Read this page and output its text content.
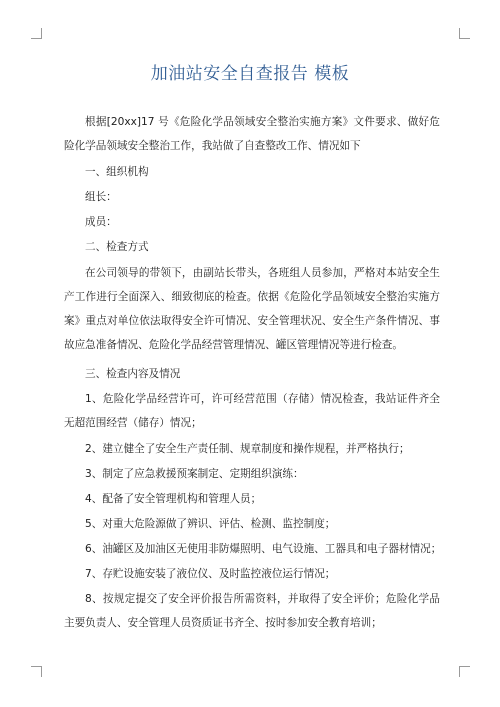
加油站安全自查报告 模板

根据[20xx]17 号《危险化学品领域安全整治实施方案》文件要求、做好危险化学品领域安全整治工作，我站做了自查整改工作、情况如下

一、组织机构

组长：

成员：

二、检查方式

在公司领导的带领下，由副站长带头，各班组人员参加，严格对本站安全生产工作进行全面深入、细致彻底的检查。依据《危险化学品领域安全整治实施方案》重点对单位依法取得安全许可情况、安全管理状况、安全生产条件情况、事故应急准备情况、危险化学品经营管理情况、罐区管理情况等进行检查。

三、检查内容及情况

1、危险化学品经营许可，许可经营范围（存储）情况检查，我站证件齐全无超范围经营（储存）情况；

2、建立健全了安全生产责任制、规章制度和操作规程，并严格执行；

3、制定了应急救援预案制定、定期组织演练：

4、配备了安全管理机构和管理人员；

5、对重大危险源做了辨识、评估、检测、监控制度；

6、油罐区及加油区无使用非防爆照明、电气设施、工器具和电子器材情况；

7、存贮设施安装了液位仪、及时监控液位运行情况；

8、按规定提交了安全评价报告所需资料，并取得了安全评价；危险化学品主要负责人、安全管理人员资质证书齐全、按时参加安全教育培训；
